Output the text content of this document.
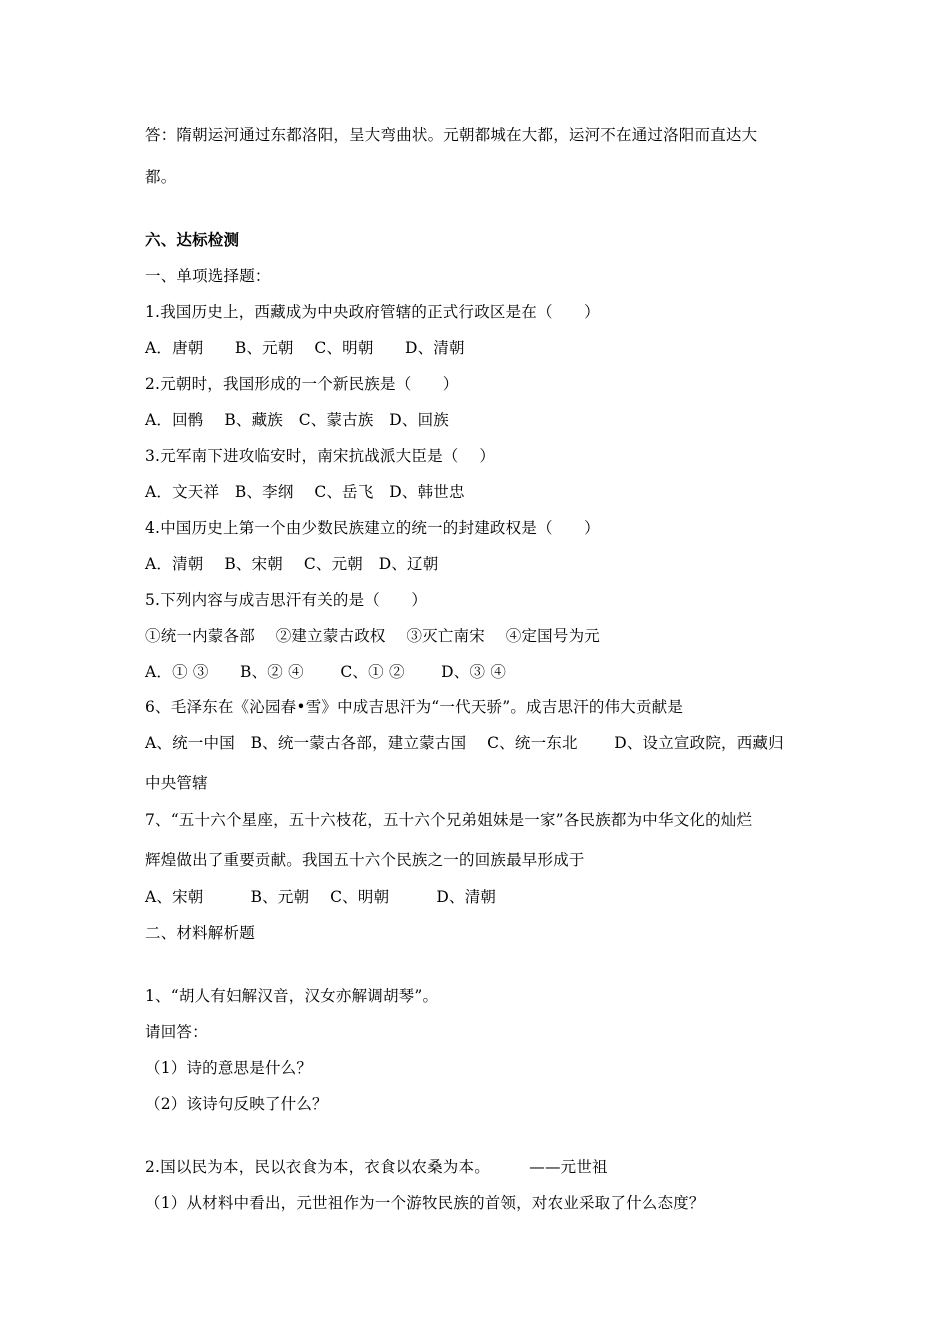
答：隋朝运河通过东都洛阳，呈大弯曲状。元朝都城在大都，运河不在通过洛阳而直达大
都。
六、达标检测
一、单项选择题：
1.我国历史上，西藏成为中央政府管辖的正式行政区是在（　　）
A．唐朝　　B、元朝　 C、明朝　　D、清朝
2.元朝时，我国形成的一个新民族是（　　）
A．回鹘　 B、藏族　C、蒙古族　D、回族
3.元军南下进攻临安时，南宋抗战派大臣是（　 ）
A．文天祥　B、李纲　 C、岳飞　D、韩世忠
4.中国历史上第一个由少数民族建立的统一的封建政权是（　　）
A．清朝　 B、宋朝　 C、元朝　D、辽朝
5.下列内容与成吉思汗有关的是（　　）
①统一内蒙各部　 ②建立蒙古政权　 ③灭亡南宋　 ④定国号为元
A．① ③　　B、② ④　　 C、① ②　　 D、③ ④
6、毛泽东在《沁园春•雪》中成吉思汗为“一代天骄”。成吉思汗的伟大贡献是
A、统一中国　B、统一蒙古各部，建立蒙古国　 C、统一东北　　 D、设立宣政院，西藏归
中央管辖
7、“五十六个星座，五十六枝花，五十六个兄弟姐妹是一家”各民族都为中华文化的灿烂
辉煌做出了重要贡献。我国五十六个民族之一的回族最早形成于
A、宋朝　　　B、元朝　 C、明朝　　　D、清朝
二、材料解析题
1、“胡人有妇解汉音，汉女亦解调胡琴”。
请回答：
（1）诗的意思是什么？
（2）该诗句反映了什么？
2.国以民为本，民以衣食为本，衣食以农桑为本。　　　——元世祖
（1）从材料中看出，元世祖作为一个游牧民族的首领，对农业采取了什么态度？
